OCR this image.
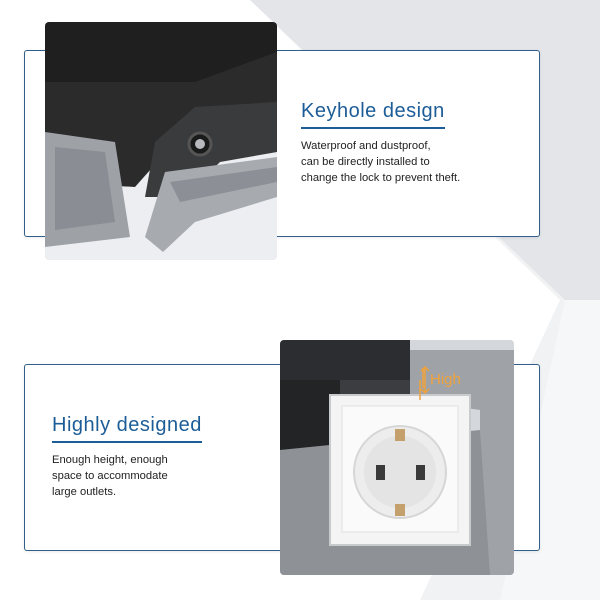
Keyhole design

Waterproof and dustproof,
can be directly installed to
change the lock to prevent theft.

High
Highly designed

Enough height, enough
space to accommodate
large outlets.
